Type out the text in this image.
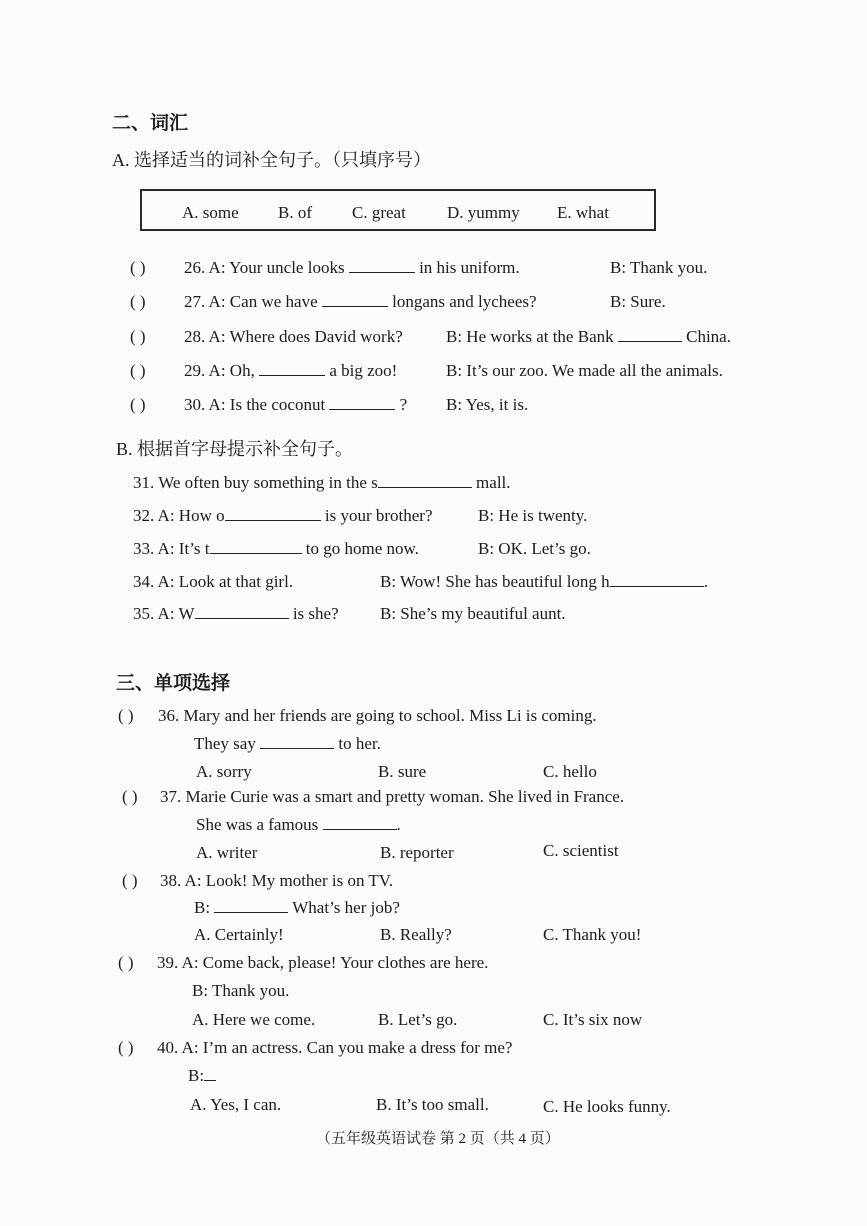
二、词汇
A. 选择适当的词补全句子。（只填序号）
A. some B. of C. great D. yummy E. what
( ) 26. A: Your uncle looks	in his uniform.	B: Thank you.
( ) 27. A: Can we have	longans and lychees?	B: Sure.
( ) 28. A: Where does David work?	B: He works at the Bank	China.
( ) 29. A: Oh,	a big zoo!	B: It’s our zoo. We made all the animals.
( ) 30. A: Is the coconut	? B: Yes, it is.
B. 根据首字母提示补全句子。
31. We often buy something in the s	mall.
32. A: How o	is your brother?	B: He is twenty.
33. A: It’s t	to go home now.	B: OK. Let’s go.
34. A: Look at that girl.	B: Wow! She has beautiful long h	.
35. A: W	is she? B: She’s my beautiful aunt.
三、单项选择
( ) 36. Mary and her friends are going to school. Miss Li is coming.
They say	to her.
A. sorry	B. sure	C. hello
( ) 37. Marie Curie was a smart and pretty woman. She lived in France.
She was a famous	.
A. writer	B. reporter	C. scientist
( ) 38. A: Look! My mother is on TV.
B:	What’s her job?
A. Certainly!	B. Really?	C. Thank you!
( ) 39. A: Come back, please! Your clothes are here.
B: Thank you.
A. Here we come.	B. Let’s go.	C. It’s six now
( ) 40. A: I’m an actress. Can you make a dress for me?
B:
A. Yes, I can.	B. It’s too small.	C. He looks funny.
（五年级英语试卷 第 2 页（共 4 页）
